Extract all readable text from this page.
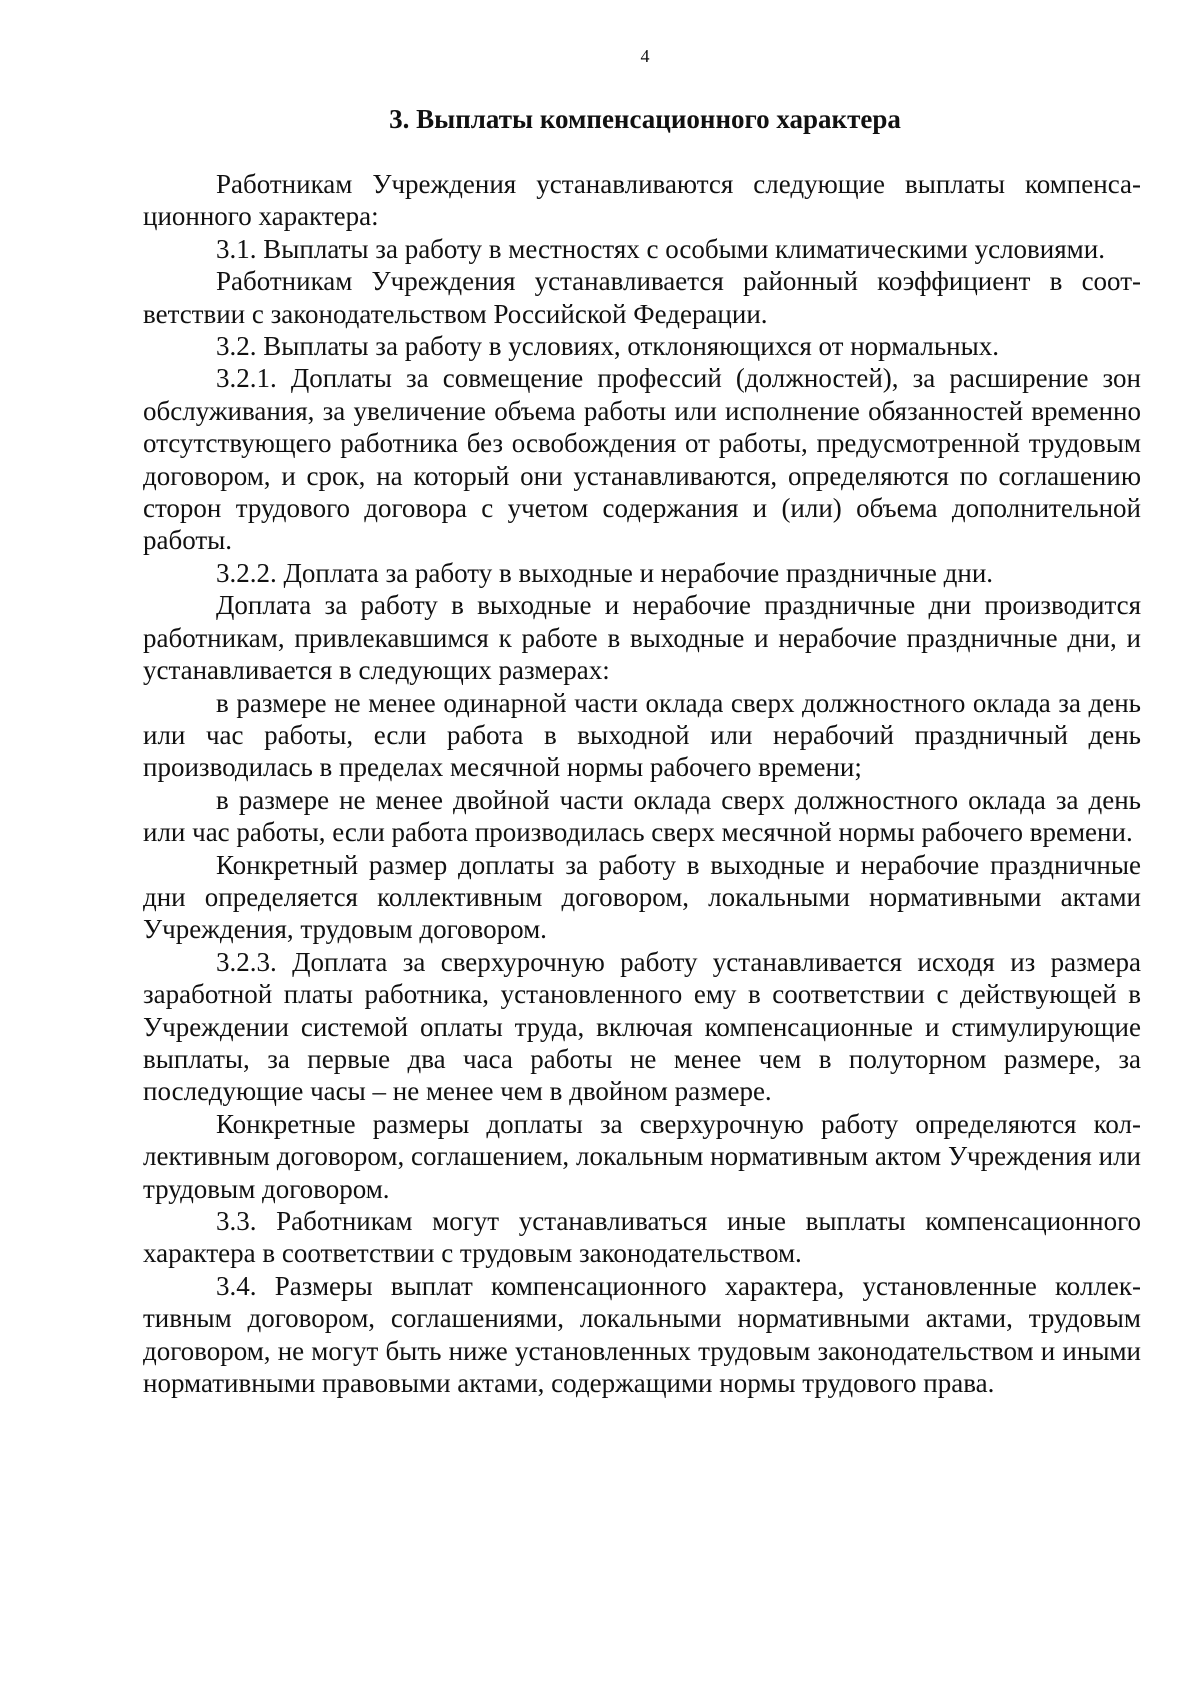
4
3. Выплаты компенсационного характера

Работникам Учреждения устанавливаются следующие выплаты компенсационного характера:

3.1. Выплаты за работу в местностях с особыми климатическими условиями.

Работникам Учреждения устанавливается районный коэффициент в соответствии с законодательством Российской Федерации.

3.2. Выплаты за работу в условиях, отклоняющихся от нормальных.

3.2.1. Доплаты за совмещение профессий (должностей), за расширение зон обслуживания, за увеличение объема работы или исполнение обязанностей временно отсутствующего работника без освобождения от работы, предусмотренной трудовым договором, и срок, на который они устанавливаются, определяются по соглашению сторон трудового договора с учетом содержания и (или) объема дополнительной работы.

3.2.2. Доплата за работу в выходные и нерабочие праздничные дни.

Доплата за работу в выходные и нерабочие праздничные дни производится работникам, привлекавшимся к работе в выходные и нерабочие праздничные дни, и устанавливается в следующих размерах:

в размере не менее одинарной части оклада сверх должностного оклада за день или час работы, если работа в выходной или нерабочий праздничный день производилась в пределах месячной нормы рабочего времени;

в размере не менее двойной части оклада сверх должностного оклада за день или час работы, если работа производилась сверх месячной нормы рабочего времени.

Конкретный размер доплаты за работу в выходные и нерабочие праздничные дни определяется коллективным договором, локальными нормативными актами Учреждения, трудовым договором.

3.2.3. Доплата за сверхурочную работу устанавливается исходя из размера заработной платы работника, установленного ему в соответствии с действующей в Учреждении системой оплаты труда, включая компенсационные и стимулирующие выплаты, за первые два часа работы не менее чем в полуторном размере, за последующие часы – не менее чем в двойном размере.

Конкретные размеры доплаты за сверхурочную работу определяются коллективным договором, соглашением, локальным нормативным актом Учреждения или трудовым договором.

3.3. Работникам могут устанавливаться иные выплаты компенсационного характера в соответствии с трудовым законодательством.

3.4. Размеры выплат компенсационного характера, установленные коллективным договором, соглашениями, локальными нормативными актами, трудовым договором, не могут быть ниже установленных трудовым законодательством и иными нормативными правовыми актами, содержащими нормы трудового права.
